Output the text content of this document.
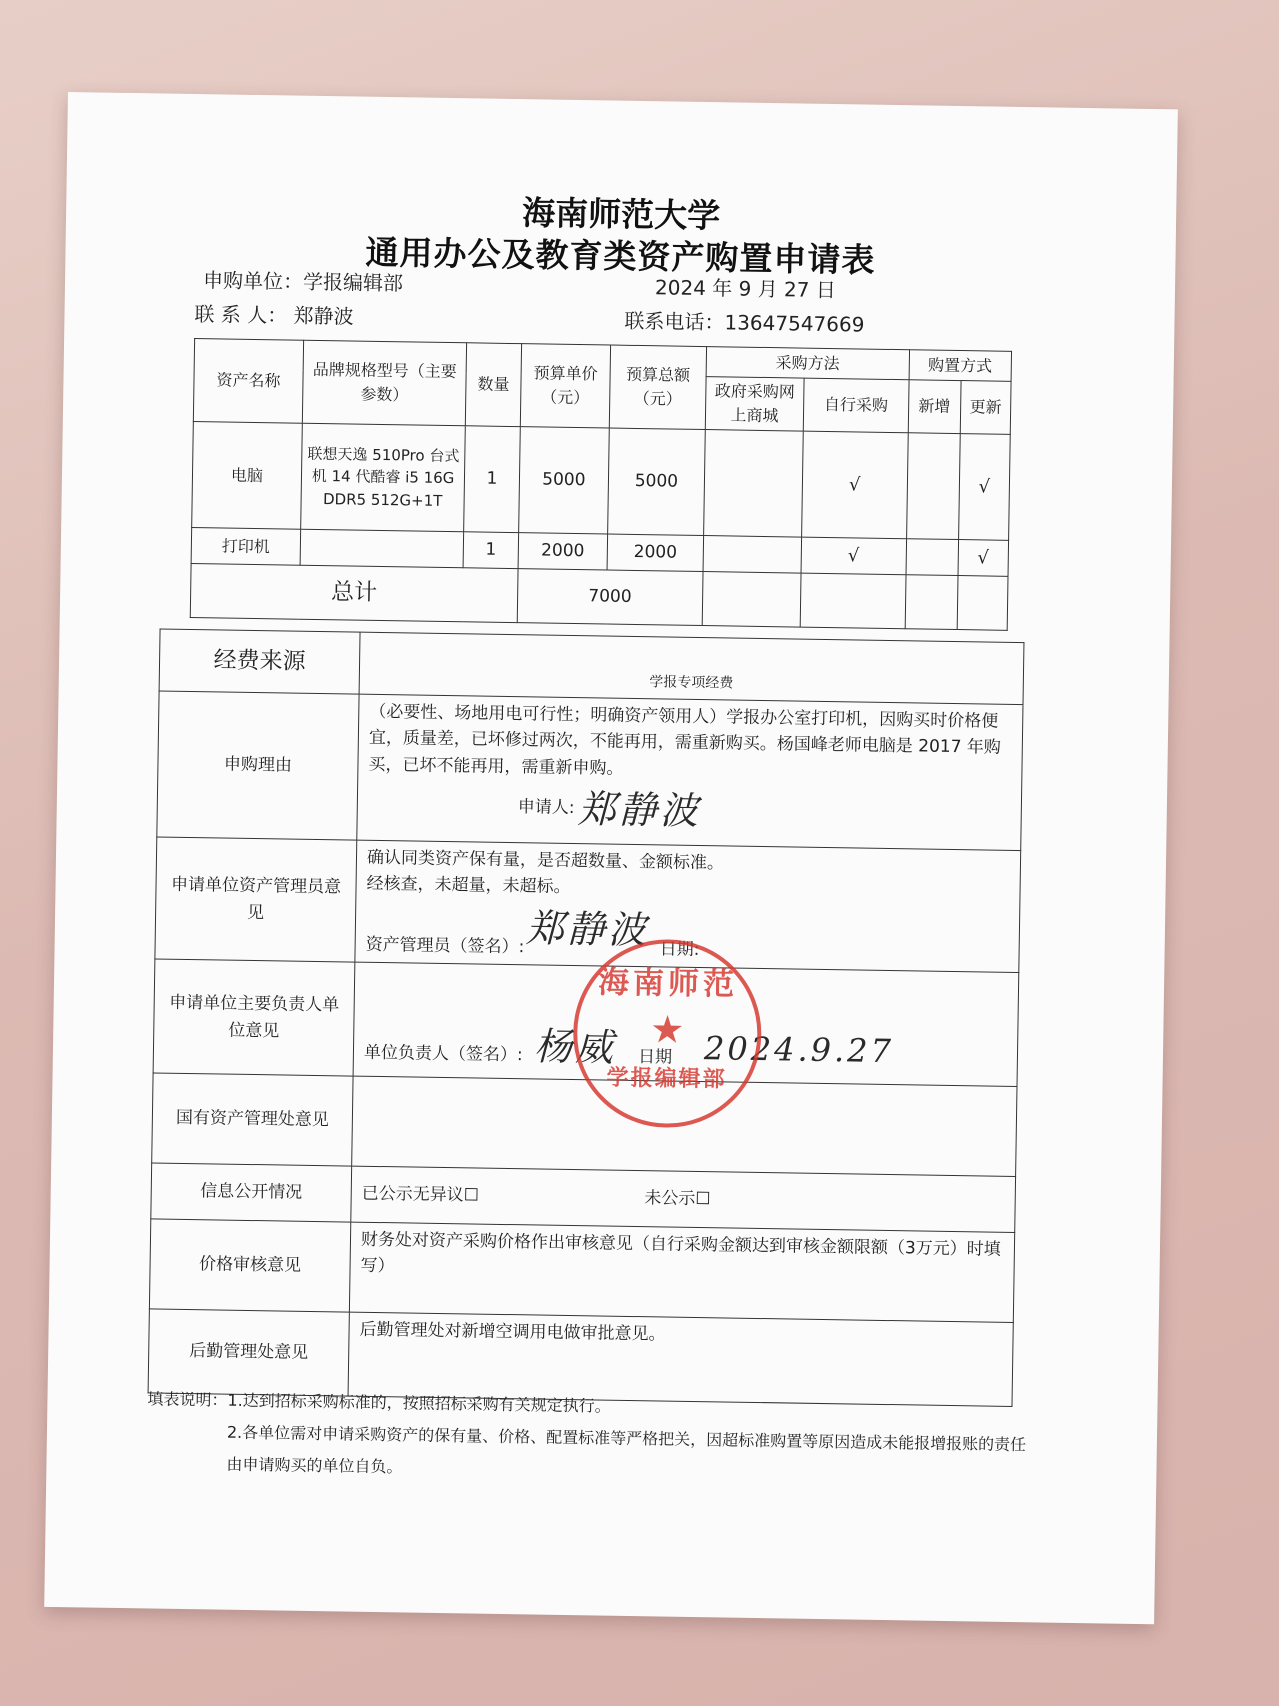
海南师范大学
通用办公及教育类资产购置申请表
申购单位：学报编辑部	2024 年 9 月 27 日
联 系 人： 郑静波	联系电话：13647547669
资产名称	品牌规格型号（主要参数）	数量	预算单价（元）	预算总额（元）	采购方法		购置方式	
					政府采购网上商城	自行采购	新增	更新
电脑	联想天逸 510Pro 台式机 14 代酷睿 i5 16G DDR5 512G+1T	1	5000	5000		√		√
打印机		1	2000	2000		√		√
总计			7000					
经费来源	学报专项经费
申购理由	（必要性、场地用电可行性；明确资产领用人）学报办公室打印机，因购买时价格便宜，质量差，已坏修过两次，不能再用，需重新购买。杨国峰老师电脑是 2017 年购买，已坏不能再用，需重新申购。
申请人: 郑静波

申请单位资产管理员意见	确认同类资产保有量，是否超数量、金额标准。
经核查，未超量，未超标。
资产管理员（签名）: 日期:
郑静波

申请单位主要负责人单位意见	单位负责人（签名）: 日期
杨威 2024.9.27

国有资产管理处意见	
信息公开情况	已公示无异议☐ 未公示☐
价格审核意见	财务处对资产采购价格作出审核意见（自行采购金额达到审核金额限额（3万元）时填写）
后勤管理处意见	后勤管理处对新增空调用电做审批意见。
海南师范
★
学报编辑部
填表说明：1.达到招标采购标准的，按照招标采购有关规定执行。
2.各单位需对申请采购资产的保有量、价格、配置标准等严格把关，因超标准购置等原因造成未能报增报账的责任由申请购买的单位自负。
